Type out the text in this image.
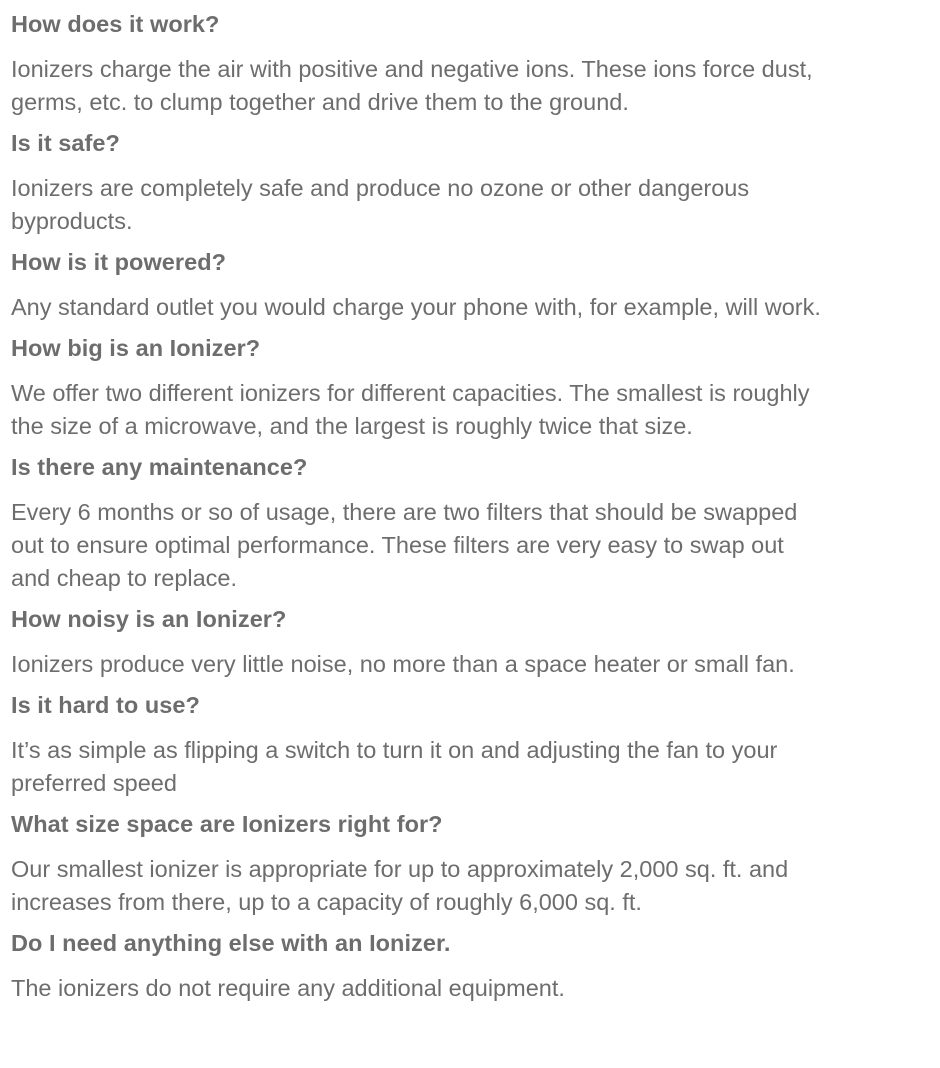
How does it work?

Ionizers charge the air with positive and negative ions. These ions force dust,
germs, etc. to clump together and drive them to the ground.

Is it safe?

Ionizers are completely safe and produce no ozone or other dangerous
byproducts.

How is it powered?

Any standard outlet you would charge your phone with, for example, will work.

How big is an Ionizer?

We offer two different ionizers for different capacities. The smallest is roughly
the size of a microwave, and the largest is roughly twice that size.

Is there any maintenance?

Every 6 months or so of usage, there are two filters that should be swapped
out to ensure optimal performance. These filters are very easy to swap out
and cheap to replace.

How noisy is an Ionizer?

Ionizers produce very little noise, no more than a space heater or small fan.

Is it hard to use?

It’s as simple as flipping a switch to turn it on and adjusting the fan to your
preferred speed

What size space are Ionizers right for?

Our smallest ionizer is appropriate for up to approximately 2,000 sq. ft. and
increases from there, up to a capacity of roughly 6,000 sq. ft.

Do I need anything else with an Ionizer.

The ionizers do not require any additional equipment.
